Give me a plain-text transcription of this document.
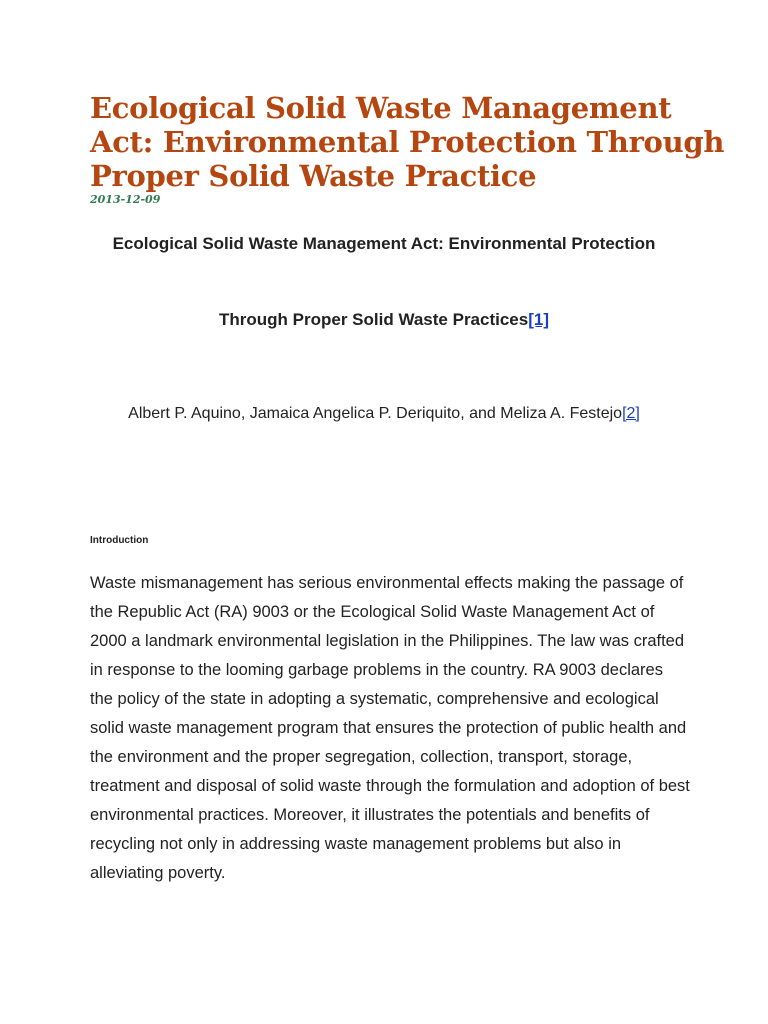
Ecological Solid Waste Management Act: Environmental Protection Through Proper Solid Waste Practice
2013-12-09

Ecological Solid Waste Management Act: Environmental Protection

Through Proper Solid Waste Practices[1]

Albert P. Aquino, Jamaica Angelica P. Deriquito, and Meliza A. Festejo[2]

Introduction

Waste mismanagement has serious environmental effects making the passage of the Republic Act (RA) 9003 or the Ecological Solid Waste Management Act of 2000 a landmark environmental legislation in the Philippines. The law was crafted in response to the looming garbage problems in the country. RA 9003 declares the policy of the state in adopting a systematic, comprehensive and ecological solid waste management program that ensures the protection of public health and the environment and the proper segregation, collection, transport, storage, treatment and disposal of solid waste through the formulation and adoption of best environmental practices. Moreover, it illustrates the potentials and benefits of recycling not only in addressing waste management problems but also in alleviating poverty.
